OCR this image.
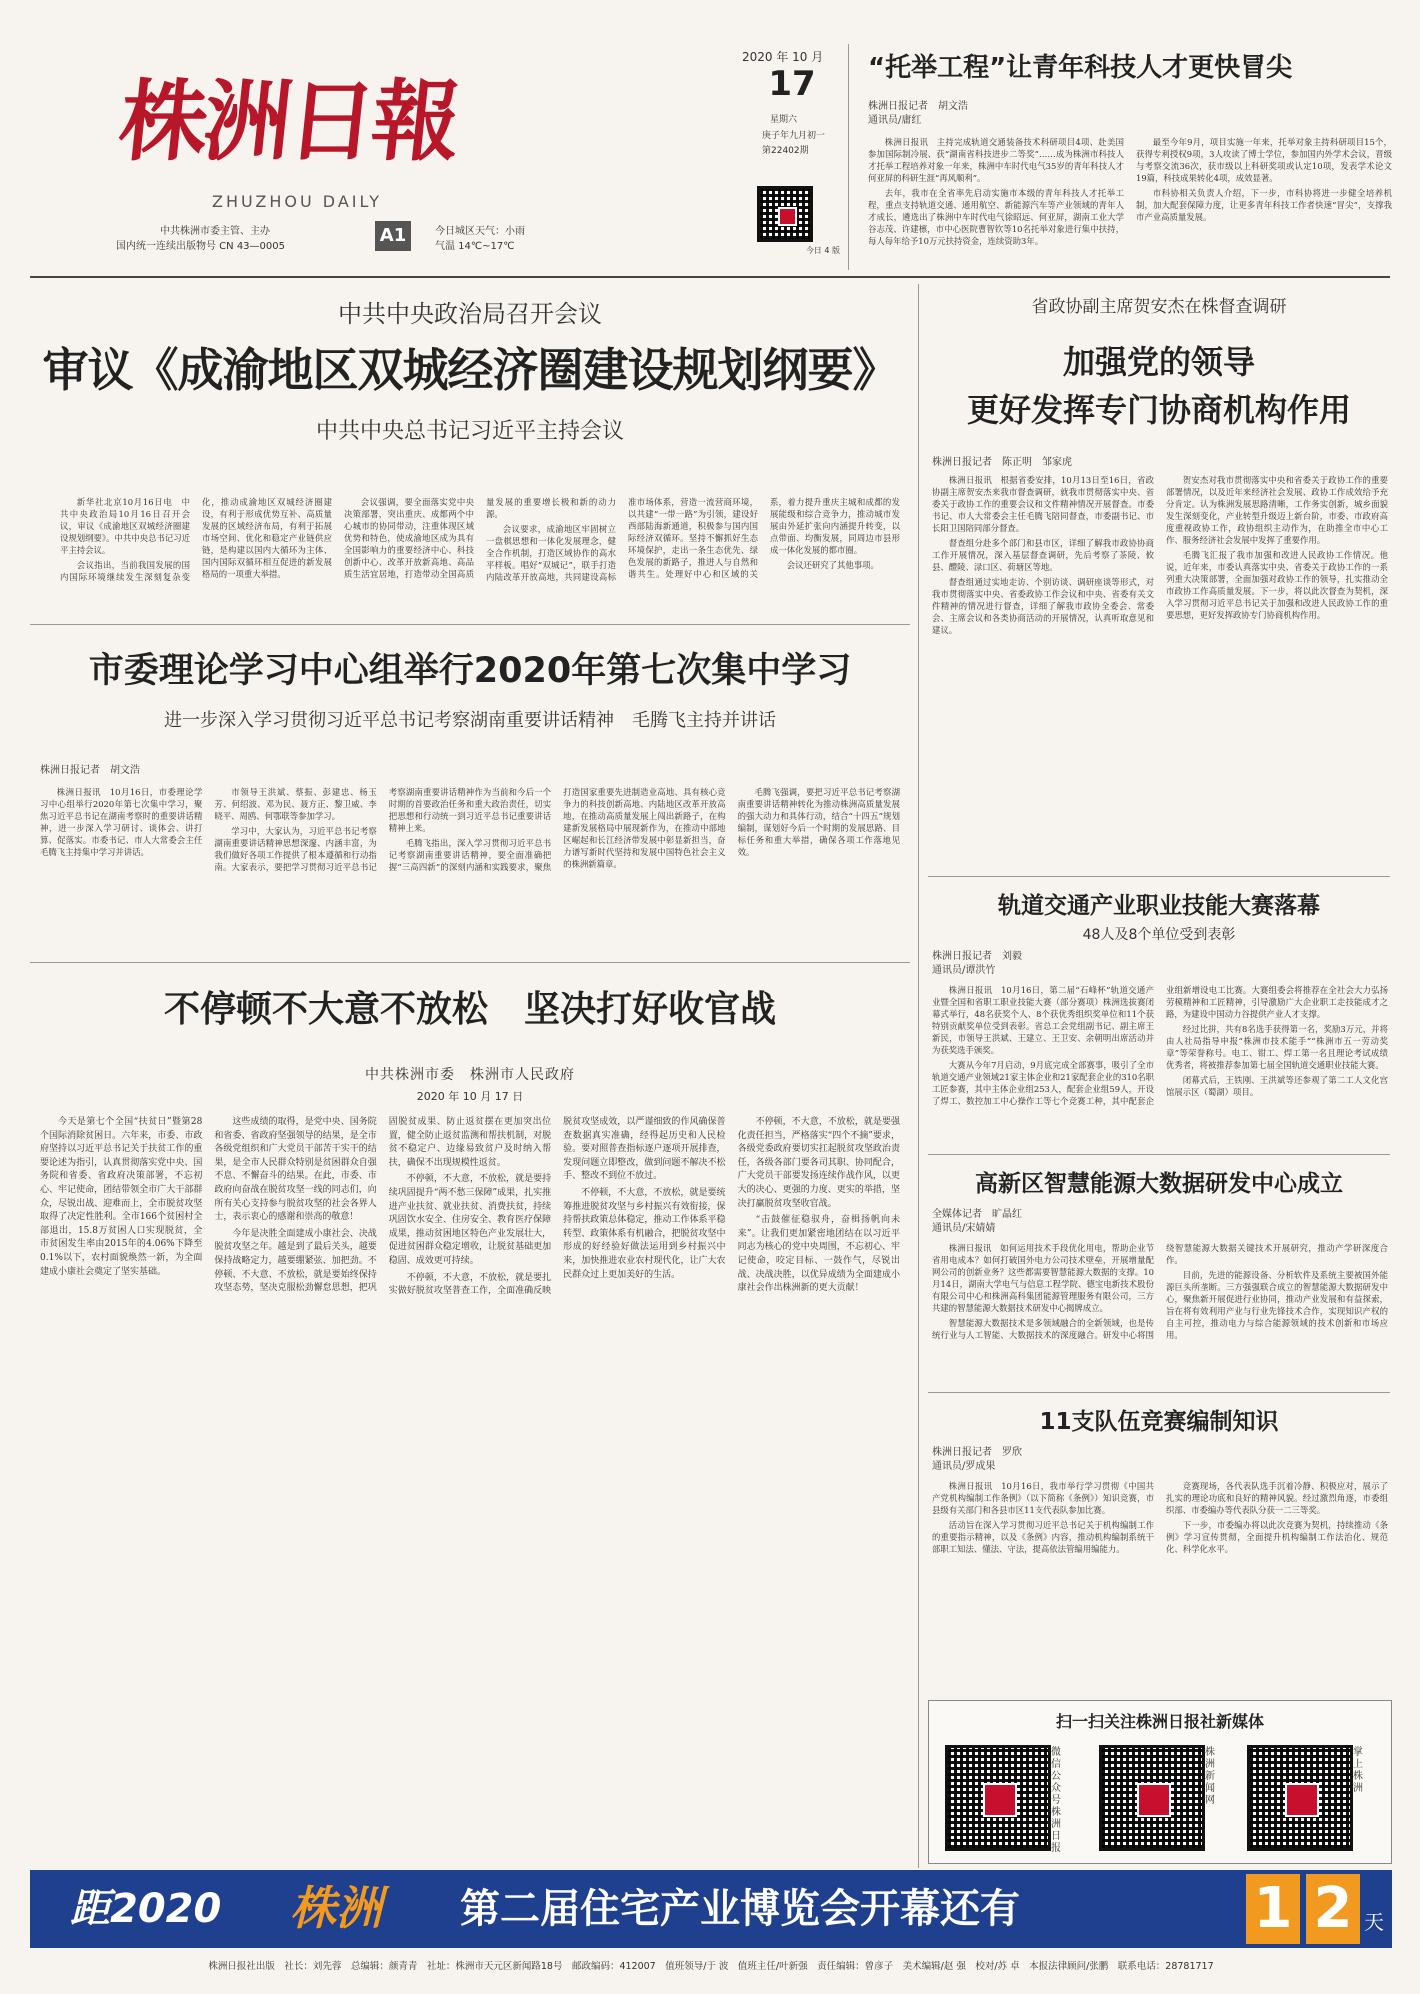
株洲日報
ZHUZHOU DAILY
中共株洲市委主管、主办
国内统一连续出版物号 CN 43—0005
A1	今日城区天气：小雨
气温 14℃~17℃
2020 年 10 月
17
星期六
庚子年九月初一
第22402期
今日 4 版
“托举工程”让青年科技人才更快冒尖
株洲日报记者　胡文浩
通讯员/庸红

株洲日报讯　主持完成轨道交通装备技术科研项目4项、赴美国参加国际制冷展、获“湖南省科技进步二等奖”……成为株洲市科技人才托举工程培养对象一年来，株洲中车时代电气35岁的青年科技人才何亚屏的科研生涯“再风顺利”。

去年，我市在全省率先启动实施市本级的青年科技人才托举工程，重点支持轨道交通、通用航空、新能源汽车等产业领域的青年人才成长，遴选出了株洲中车时代电气徐昭远、何亚屏，湖南工业大学谷志茂、许建檩，市中心医院曹智钦等10名托举对象进行集中扶持，每人每年给予10万元扶持资金，连续资助3年。

最至今年9月，项目实施一年来，托举对象主持科研项目15个，获得专利授权9项，3人攻读了博士学位，参加国内外学术会议，晋级与考察交流36次，获市级以上科研奖项或认定10项，发表学术论文19篇，科技成果转化4项，成效显著。

市科协相关负责人介绍，下一步，市科协将进一步健全培养机制，加大配套保障力度，让更多青年科技工作者快速“冒尖”，支撑我市产业高质量发展。

中共中央政治局召开会议
审议《成渝地区双城经济圈建设规划纲要》
中共中央总书记习近平主持会议

新华社北京10月16日电　中共中央政治局10月16日召开会议，审议《成渝地区双城经济圈建设规划纲要》。中共中央总书记习近平主持会议。

会议指出，当前我国发展的国内国际环境继续发生深刻复杂变化，推动成渝地区双城经济圈建设，有利于形成优势互补、高质量发展的区域经济布局，有利于拓展市场空间、优化和稳定产业链供应链，是构建以国内大循环为主体、国内国际双循环相互促进的新发展格局的一项重大举措。

会议强调，要全面落实党中央决策部署，突出重庆、成都两个中心城市的协同带动，注重体现区域优势和特色，使成渝地区成为具有全国影响力的重要经济中心、科技创新中心、改革开放新高地、高品质生活宜居地，打造带动全国高质量发展的重要增长极和新的动力源。

会议要求，成渝地区牢固树立一盘棋思想和一体化发展理念，健全合作机制，打造区域协作的高水平样板。唱好“双城记”，联手打造内陆改革开放高地，共同建设高标准市场体系，营造一流营商环境，以共建“一带一路”为引领，建设好西部陆海新通道，积极参与国内国际经济双循环。坚持不懈抓好生态环境保护，走出一条生态优先、绿色发展的新路子，推进人与自然和谐共生。处理好中心和区域的关系，着力提升重庆主城和成都的发展能级和综合竞争力，推动城市发展由外延扩张向内涵提升转变，以点带面、均衡发展，同周边市县形成一体化发展的都市圈。

会议还研究了其他事项。

市委理论学习中心组举行2020年第七次集中学习
进一步深入学习贯彻习近平总书记考察湖南重要讲话精神　毛腾飞主持并讲话
株洲日报记者　胡文浩

株洲日报讯　10月16日，市委理论学习中心组举行2020年第七次集中学习，聚焦习近平总书记在湖南考察时的重要讲话精神，进一步深入学习研讨、谈体会、讲打算、促落实。市委书记、市人大常委会主任毛腾飞主持集中学习并讲话。

市领导王洪斌、蔡振、彭建忠、杨玉芳、何绍波、邓为民、聂方正、黎卫威、李晓平、周鸥、何鄂联等参加学习。

学习中，大家认为，习近平总书记考察湖南重要讲话精神思想深邃、内涵丰富，为我们做好各项工作提供了根本遵循和行动指南。大家表示，要把学习贯彻习近平总书记考察湖南重要讲话精神作为当前和今后一个时期的首要政治任务和重大政治责任，切实把思想和行动统一到习近平总书记重要讲话精神上来。

毛腾飞指出，深入学习贯彻习近平总书记考察湖南重要讲话精神，要全面准确把握“三高四新”的深刻内涵和实践要求，聚焦打造国家重要先进制造业高地、具有核心竞争力的科技创新高地、内陆地区改革开放高地，在推动高质量发展上闯出新路子，在构建新发展格局中展现新作为，在推动中部地区崛起和长江经济带发展中彰显新担当，奋力谱写新时代坚持和发展中国特色社会主义的株洲新篇章。

毛腾飞强调，要把习近平总书记考察湖南重要讲话精神转化为推动株洲高质量发展的强大动力和具体行动，结合“十四五”规划编制，谋划好今后一个时期的发展思路、目标任务和重大举措，确保各项工作落地见效。

不停顿不大意不放松　坚决打好收官战
中共株洲市委　株洲市人民政府
2020 年 10 月 17 日

今天是第七个全国“扶贫日”暨第28个国际消除贫困日。六年来，市委、市政府坚持以习近平总书记关于扶贫工作的重要论述为指引，认真贯彻落实党中央、国务院和省委、省政府决策部署，不忘初心、牢记使命，团结带领全市广大干部群众，尽锐出战、迎难而上，全市脱贫攻坚取得了决定性胜利。全市166个贫困村全部退出，15.8万贫困人口实现脱贫，全市贫困发生率由2015年的4.06%下降至0.1%以下，农村面貌焕然一新，为全面建成小康社会奠定了坚实基础。

这些成绩的取得，是党中央、国务院和省委、省政府坚强领导的结果，是全市各级党组织和广大党员干部苦干实干的结果，是全市人民群众特别是贫困群众自强不息、不懈奋斗的结果。在此，市委、市政府向奋战在脱贫攻坚一线的同志们，向所有关心支持参与脱贫攻坚的社会各界人士，表示衷心的感谢和崇高的敬意！

今年是决胜全面建成小康社会、决战脱贫攻坚之年。越是到了最后关头，越要保持战略定力，越要绷紧弦、加把劲。不停顿、不大意、不放松，就是要始终保持攻坚态势，坚决克服松劲懈怠思想，把巩固脱贫成果、防止返贫摆在更加突出位置，健全防止返贫监测和帮扶机制，对脱贫不稳定户、边缘易致贫户及时纳入帮扶，确保不出现规模性返贫。

不停顿，不大意，不放松，就是要持续巩固提升“两不愁三保障”成果，扎实推进产业扶贫、就业扶贫、消费扶贫，持续巩固饮水安全、住房安全、教育医疗保障成果，推动贫困地区特色产业发展壮大，促进贫困群众稳定增收，让脱贫基础更加稳固、成效更可持续。

不停顿，不大意，不放松，就是要扎实做好脱贫攻坚普查工作，全面准确反映脱贫攻坚成效，以严谨细致的作风确保普查数据真实准确，经得起历史和人民检验。要对照普查指标逐户逐项开展排查，发现问题立即整改，做到问题不解决不松手、整改不到位不放过。

不停顿，不大意，不放松，就是要统筹推进脱贫攻坚与乡村振兴有效衔接，保持帮扶政策总体稳定，推动工作体系平稳转型、政策体系有机融合，把脱贫攻坚中形成的好经验好做法运用到乡村振兴中来，加快推进农业农村现代化，让广大农民群众过上更加美好的生活。

不停顿，不大意，不放松，就是要强化责任担当，严格落实“四个不摘”要求，各级党委政府要切实扛起脱贫攻坚政治责任，各级各部门要各司其职、协同配合，广大党员干部要发扬连续作战作风，以更大的决心、更强的力度、更实的举措，坚决打赢脱贫攻坚收官战。

“击鼓催征稳驭舟，奋楫扬帆向未来”。让我们更加紧密地团结在以习近平同志为核心的党中央周围，不忘初心、牢记使命，咬定目标、一鼓作气，尽锐出战、决战决胜，以优异成绩为全面建成小康社会作出株洲新的更大贡献！

省政协副主席贺安杰在株督查调研
加强党的领导
更好发挥专门协商机构作用
株洲日报记者　陈正明　邹家虎

株洲日报讯　根据省委安排，10月13日至16日，省政协副主席贺安杰来我市督查调研，就我市贯彻落实中央、省委关于政协工作的重要会议和文件精神情况开展督查。市委书记、市人大常委会主任毛腾飞陪同督查，市委副书记、市长阳卫国陪同部分督查。

督查组分赴多个部门和县市区，详细了解我市政协协商工作开展情况，深入基层督查调研，先后考察了茶陵、攸县、醴陵、渌口区、荷塘区等地。

督查组通过实地走访、个别访谈、调研座谈等形式，对我市贯彻落实中央、省委政协工作会议和中央、省委有关文件精神的情况进行督查，详细了解我市政协全委会、常委会、主席会议和各类协商活动的开展情况，认真听取意见和建议。

贺安杰对我市贯彻落实中央和省委关于政协工作的重要部署情况，以及近年来经济社会发展、政协工作成效给予充分肯定。认为株洲发展思路清晰，工作务实创新，城乡面貌发生深刻变化，产业转型升级迈上新台阶，市委、市政府高度重视政协工作，政协组织主动作为，在助推全市中心工作、服务经济社会发展中发挥了重要作用。

毛腾飞汇报了我市加强和改进人民政协工作情况。他说，近年来，市委认真落实中央、省委关于政协工作的一系列重大决策部署，全面加强对政协工作的领导，扎实推动全市政协工作高质量发展。下一步，将以此次督查为契机，深入学习贯彻习近平总书记关于加强和改进人民政协工作的重要思想，更好发挥政协专门协商机构作用。

轨道交通产业职业技能大赛落幕
48人及8个单位受到表彰
株洲日报记者　刘毅
通讯员/谭洪竹

株洲日报讯　10月16日，第二届“石峰杯”轨道交通产业暨全国和省职工职业技能大赛（部分赛项）株洲选拔赛闭幕式举行，48名获奖个人、8个获优秀组织奖单位和11个获特别贡献奖单位受到表彰。省总工会党组副书记、副主席王新民，市领导王洪斌、王建立、王卫安、余朝明出席活动并为获奖选手颁奖。

大赛从今年7月启动，9月底完成全部赛事，吸引了全市轨道交通产业领域21家主体企业和21家配套企业的310名职工匠参赛，其中主体企业组253人，配套企业组59人，开设了焊工、数控加工中心操作工等七个竞赛工种，其中配套企业组新增设电工比赛。大赛组委会将推荐在全社会大力弘扬劳模精神和工匠精神，引导激励广大企业职工走技能成才之路，为建设中国动力谷提供产业人才支撑。

经过比拼，共有8名选手获得第一名，奖励3万元，并将由人社局指导申报“株洲市技术能手”“株洲市五一劳动奖章”等荣誉称号。电工、钳工、焊工第一名且理论考试成绩优秀者，将被推荐参加第七届全国轨道交通职业技能大赛。

闭幕式后，王铁刚、王洪斌等还参观了第二工人文化宫馆展示区（蜀湖）项目。

高新区智慧能源大数据研发中心成立
全媒体记者　旷晶红
通讯员/宋婧婧

株洲日报讯　如何运用技术手段优化用电，帮助企业节省用电成本？如何打破国外电力公司技术壁垒，开展增量配网公司的创新业务？这些都需要智慧能源大数据的支撑。10月14日，湖南大学电气与信息工程学院、德宝电新技术股份有限公司中心和株洲高科集团能源管理服务有限公司，三方共建的智慧能源大数据技术研发中心揭牌成立。

智慧能源大数据技术是多领域融合的全新领域，也是传统行业与人工智能、大数据技术的深度融合。研发中心将围绕智慧能源大数据关键技术开展研究，推动产学研深度合作。

目前，先进的能源设备、分析软件及系统主要被国外能源巨头所垄断。三方强强联合成立的智慧能源大数据研发中心，聚焦新开展促进行业协同，推动产业发展和有益探索，旨在将有效利用产业与行业先锋技术合作，实现知识产权的自主可控，推动电力与综合能源领域的技术创新和市场应用。

11支队伍竞赛编制知识
株洲日报记者　罗欣
通讯员/罗成果

株洲日报讯　10月16日，我市举行学习贯彻《中国共产党机构编制工作条例》（以下简称《条例》）知识竞赛，市县级有关部门和各县市区11支代表队参加比赛。

活动旨在深入学习贯彻习近平总书记关于机构编制工作的重要指示精神，以及《条例》内容，推动机构编制系统干部职工知法、懂法、守法，提高依法管编用编能力。

竞赛现场，各代表队选手沉着冷静、积极应对，展示了扎实的理论功底和良好的精神风貌。经过激烈角逐，市委组织部、市委编办等代表队分获一二三等奖。

下一步，市委编办将以此次竞赛为契机，持续推动《条例》学习宣传贯彻，全面提升机构编制工作法治化、规范化、科学化水平。

扫一扫关注株洲日报社新媒体
微信公众号 株洲日报
株洲新闻网
掌上株洲
距2020	株洲	第二届住宅产业博览会开幕还有	1 2 天
株洲日报社出版　社长：刘先蓉　总编辑：颜青青　社址：株洲市天元区新闻路18号　邮政编码：412007　值班领导/于 波　值班主任/叶新强　责任编辑：曾彦子　美术编辑/赵 强　校对/苏 卓　本报法律顾问/张鹏　联系电话：28781717
